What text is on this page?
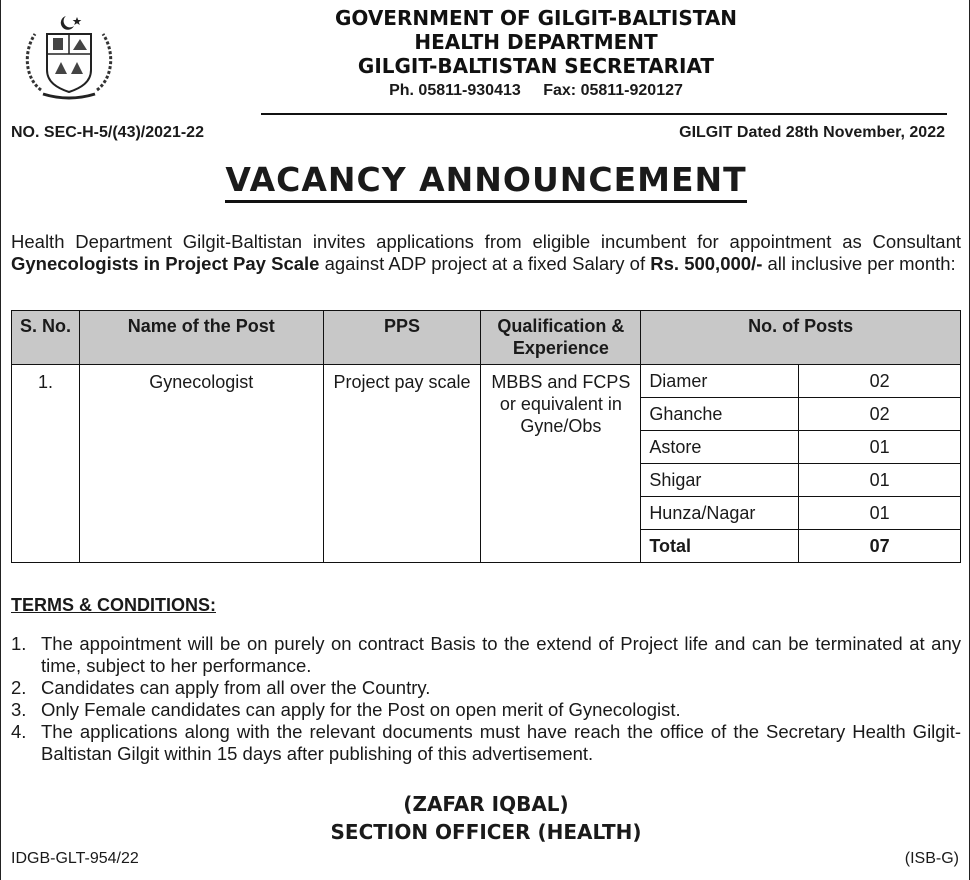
GOVERNMENT OF GILGIT-BALTISTAN
HEALTH DEPARTMENT
GILGIT-BALTISTAN SECRETARIAT
Ph. 05811-930413 Fax: 05811-920127
NO. SEC-H-5/(43)/2021-22	GILGIT Dated 28th November, 2022
VACANCY ANNOUNCEMENT

Health Department Gilgit-Baltistan invites applications from eligible incumbent for appointment as Consultant Gynecologists in Project Pay Scale against ADP project at a fixed Salary of Rs. 500,000/- all inclusive per month:

S. No.	Name of the Post	PPS	Qualification & Experience	No. of Posts	
1.	Gynecologist	Project pay scale	MBBS and FCPS or equivalent in Gyne/Obs	Diamer	02
				Ghanche	02
				Astore	01
				Shigar	01
				Hunza/Nagar	01
				Total	07
TERMS & CONDITIONS:
1. The appointment will be on purely on contract Basis to the extend of Project life and can be terminated at any time, subject to her performance.
2. Candidates can apply from all over the Country.
3. Only Female candidates can apply for the Post on open merit of Gynecologist.
4. The applications along with the relevant documents must have reach the office of the Secretary Health Gilgit-Baltistan Gilgit within 15 days after publishing of this advertisement.
(ZAFAR IQBAL)
SECTION OFFICER (HEALTH)
IDGB-GLT-954/22	(ISB-G)
